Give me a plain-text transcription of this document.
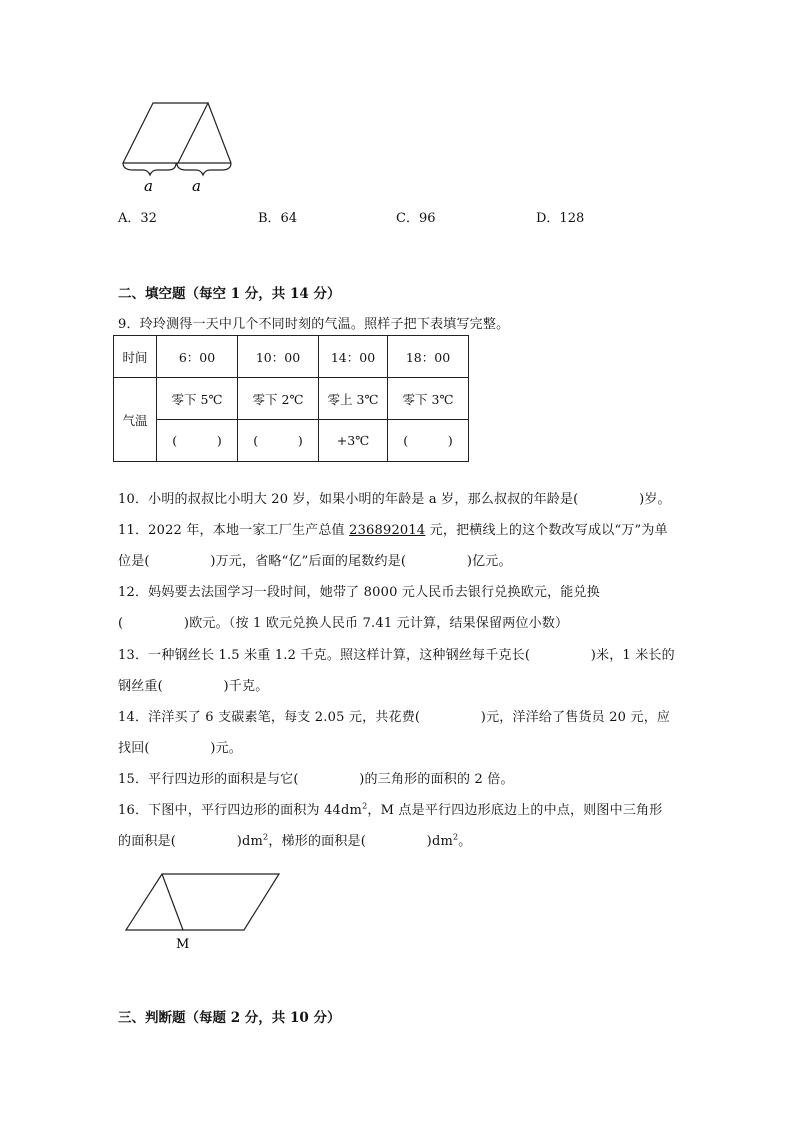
a	a
A．32	B．64	C．96	D．128
二、填空题（每空 1 分，共 14 分）
9．玲玲测得一天中几个不同时刻的气温。照样子把下表填写完整。
时间	6：00	10：00	14：00	18：00
气温	零下 5℃	零下 2℃	零上 3℃	零下 3℃
	(          )	(          )	+3℃	(          )
10．小明的叔叔比小明大 20 岁，如果小明的年龄是 a 岁，那么叔叔的年龄是(              )岁。
11．2022 年，本地一家工厂生产总值 236892014 元，把横线上的这个数改写成以“万”为单
位是(              )万元，省略“亿”后面的尾数约是(              )亿元。
12．妈妈要去法国学习一段时间，她带了 8000 元人民币去银行兑换欧元，能兑换
(              )欧元。（按 1 欧元兑换人民币 7.41 元计算，结果保留两位小数）
13．一种钢丝长 1.5 米重 1.2 千克。照这样计算，这种钢丝每千克长(              )米，1 米长的
钢丝重(              )千克。
14．洋洋买了 6 支碳素笔，每支 2.05 元，共花费(              )元，洋洋给了售货员 20 元，应
找回(              )元。
15．平行四边形的面积是与它(              )的三角形的面积的 2 倍。
16．下图中，平行四边形的面积为 $44dm^2$，M 点是平行四边形底边上的中点，则图中三角形
的面积是(              )$dm^2$，梯形的面积是(              )$dm^2$。
M
三、判断题（每题 2 分，共 10 分）
